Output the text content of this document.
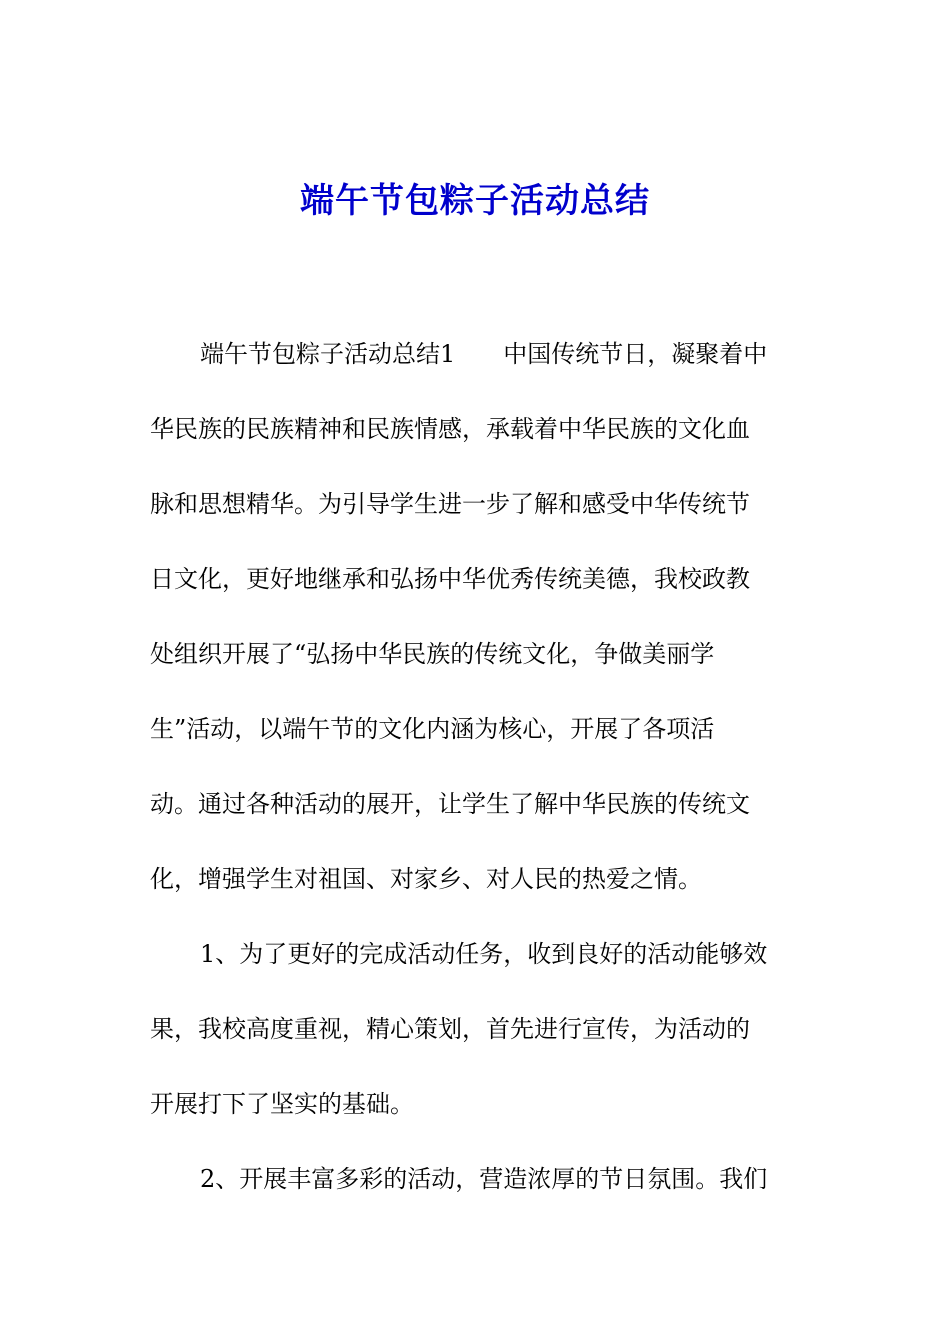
端午节包粽子活动总结
端午节包粽子活动总结1　　中国传统节日，凝聚着中
华民族的民族精神和民族情感，承载着中华民族的文化血
脉和思想精华。为引导学生进一步了解和感受中华传统节
日文化，更好地继承和弘扬中华优秀传统美德，我校政教
处组织开展了“弘扬中华民族的传统文化，争做美丽学
生”活动，以端午节的文化内涵为核心，开展了各项活
动。通过各种活动的展开，让学生了解中华民族的传统文
化，增强学生对祖国、对家乡、对人民的热爱之情。
1、为了更好的完成活动任务，收到良好的活动能够效
果，我校高度重视，精心策划，首先进行宣传，为活动的
开展打下了坚实的基础。
2、开展丰富多彩的活动，营造浓厚的节日氛围。我们
